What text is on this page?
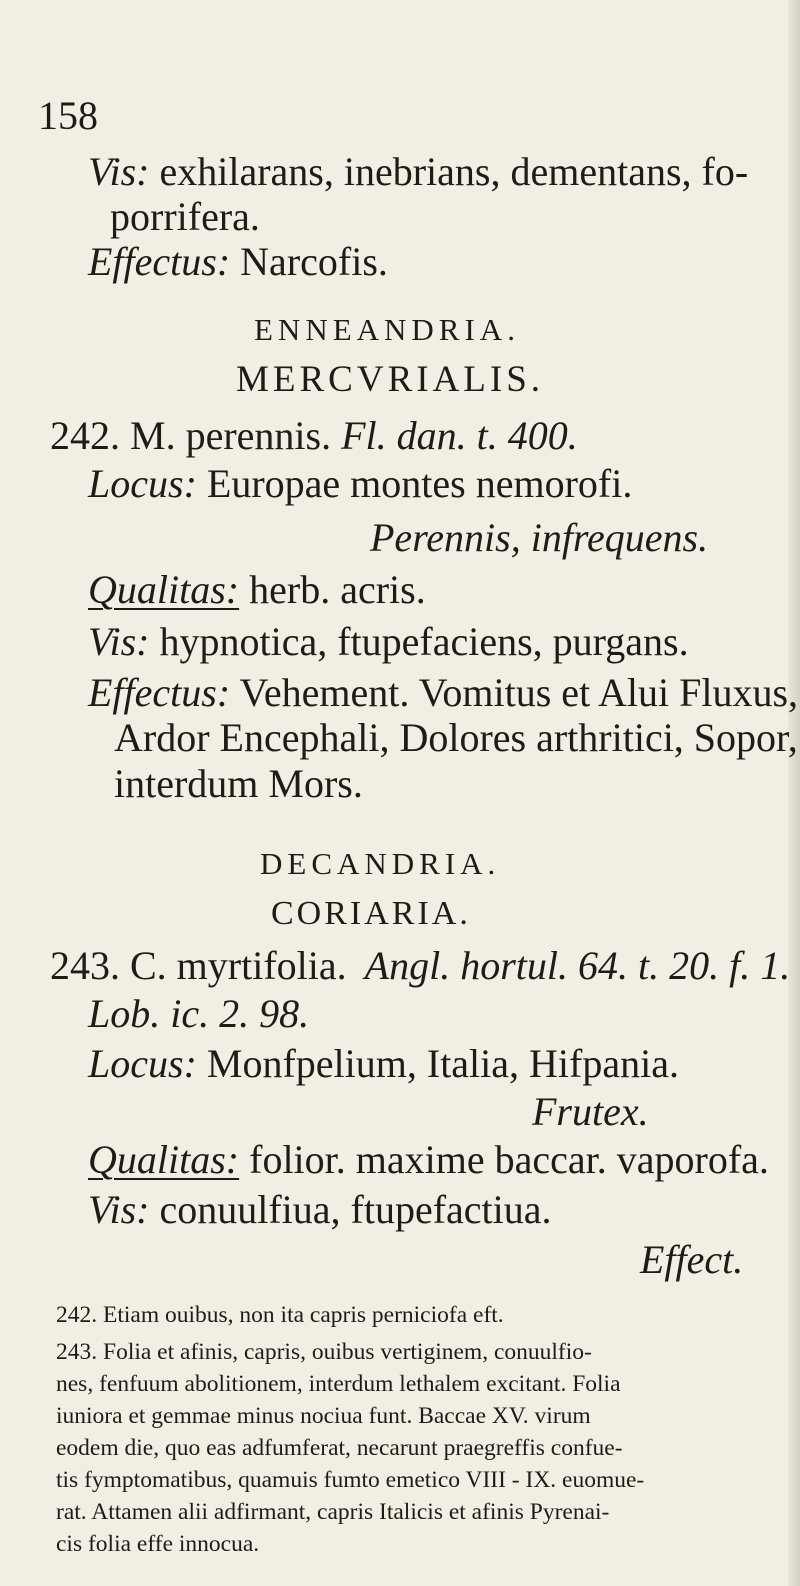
158
Vis: exhilarans, inebrians, dementans, fo-
porrifera.
Effectus: Narcofis.
ENNEANDRIA.
MERCVRIALIS.
242. M. perennis. Fl. dan. t. 400.
Locus: Europae montes nemorofi.
Perennis, infrequens.
Qualitas: herb. acris.
Vis: hypnotica, ftupefaciens, purgans.
Effectus: Vehement. Vomitus et Alui Fluxus,
Ardor Encephali, Dolores arthritici, Sopor,
interdum Mors.
DECANDRIA.
CORIARIA.
243. C. myrtifolia. Angl. hortul. 64. t. 20. f. 1.
Lob. ic. 2. 98.
Locus: Monfpelium, Italia, Hifpania.
Frutex.
Qualitas: folior. maxime baccar. vaporofa.
Vis: conuulfiua, ftupefactiua.
Effect.
242. Etiam ouibus, non ita capris perniciofa eft.
243. Folia et afinis, capris, ouibus vertiginem, conuulfio-
nes, fenfuum abolitionem, interdum lethalem excitant. Folia
iuniora et gemmae minus nociua funt. Baccae XV. virum
eodem die, quo eas adfumferat, necarunt praegreffis confue-
tis fymptomatibus, quamuis fumto emetico VIII - IX. euomue-
rat. Attamen alii adfirmant, capris Italicis et afinis Pyrenai-
cis folia effe innocua.
